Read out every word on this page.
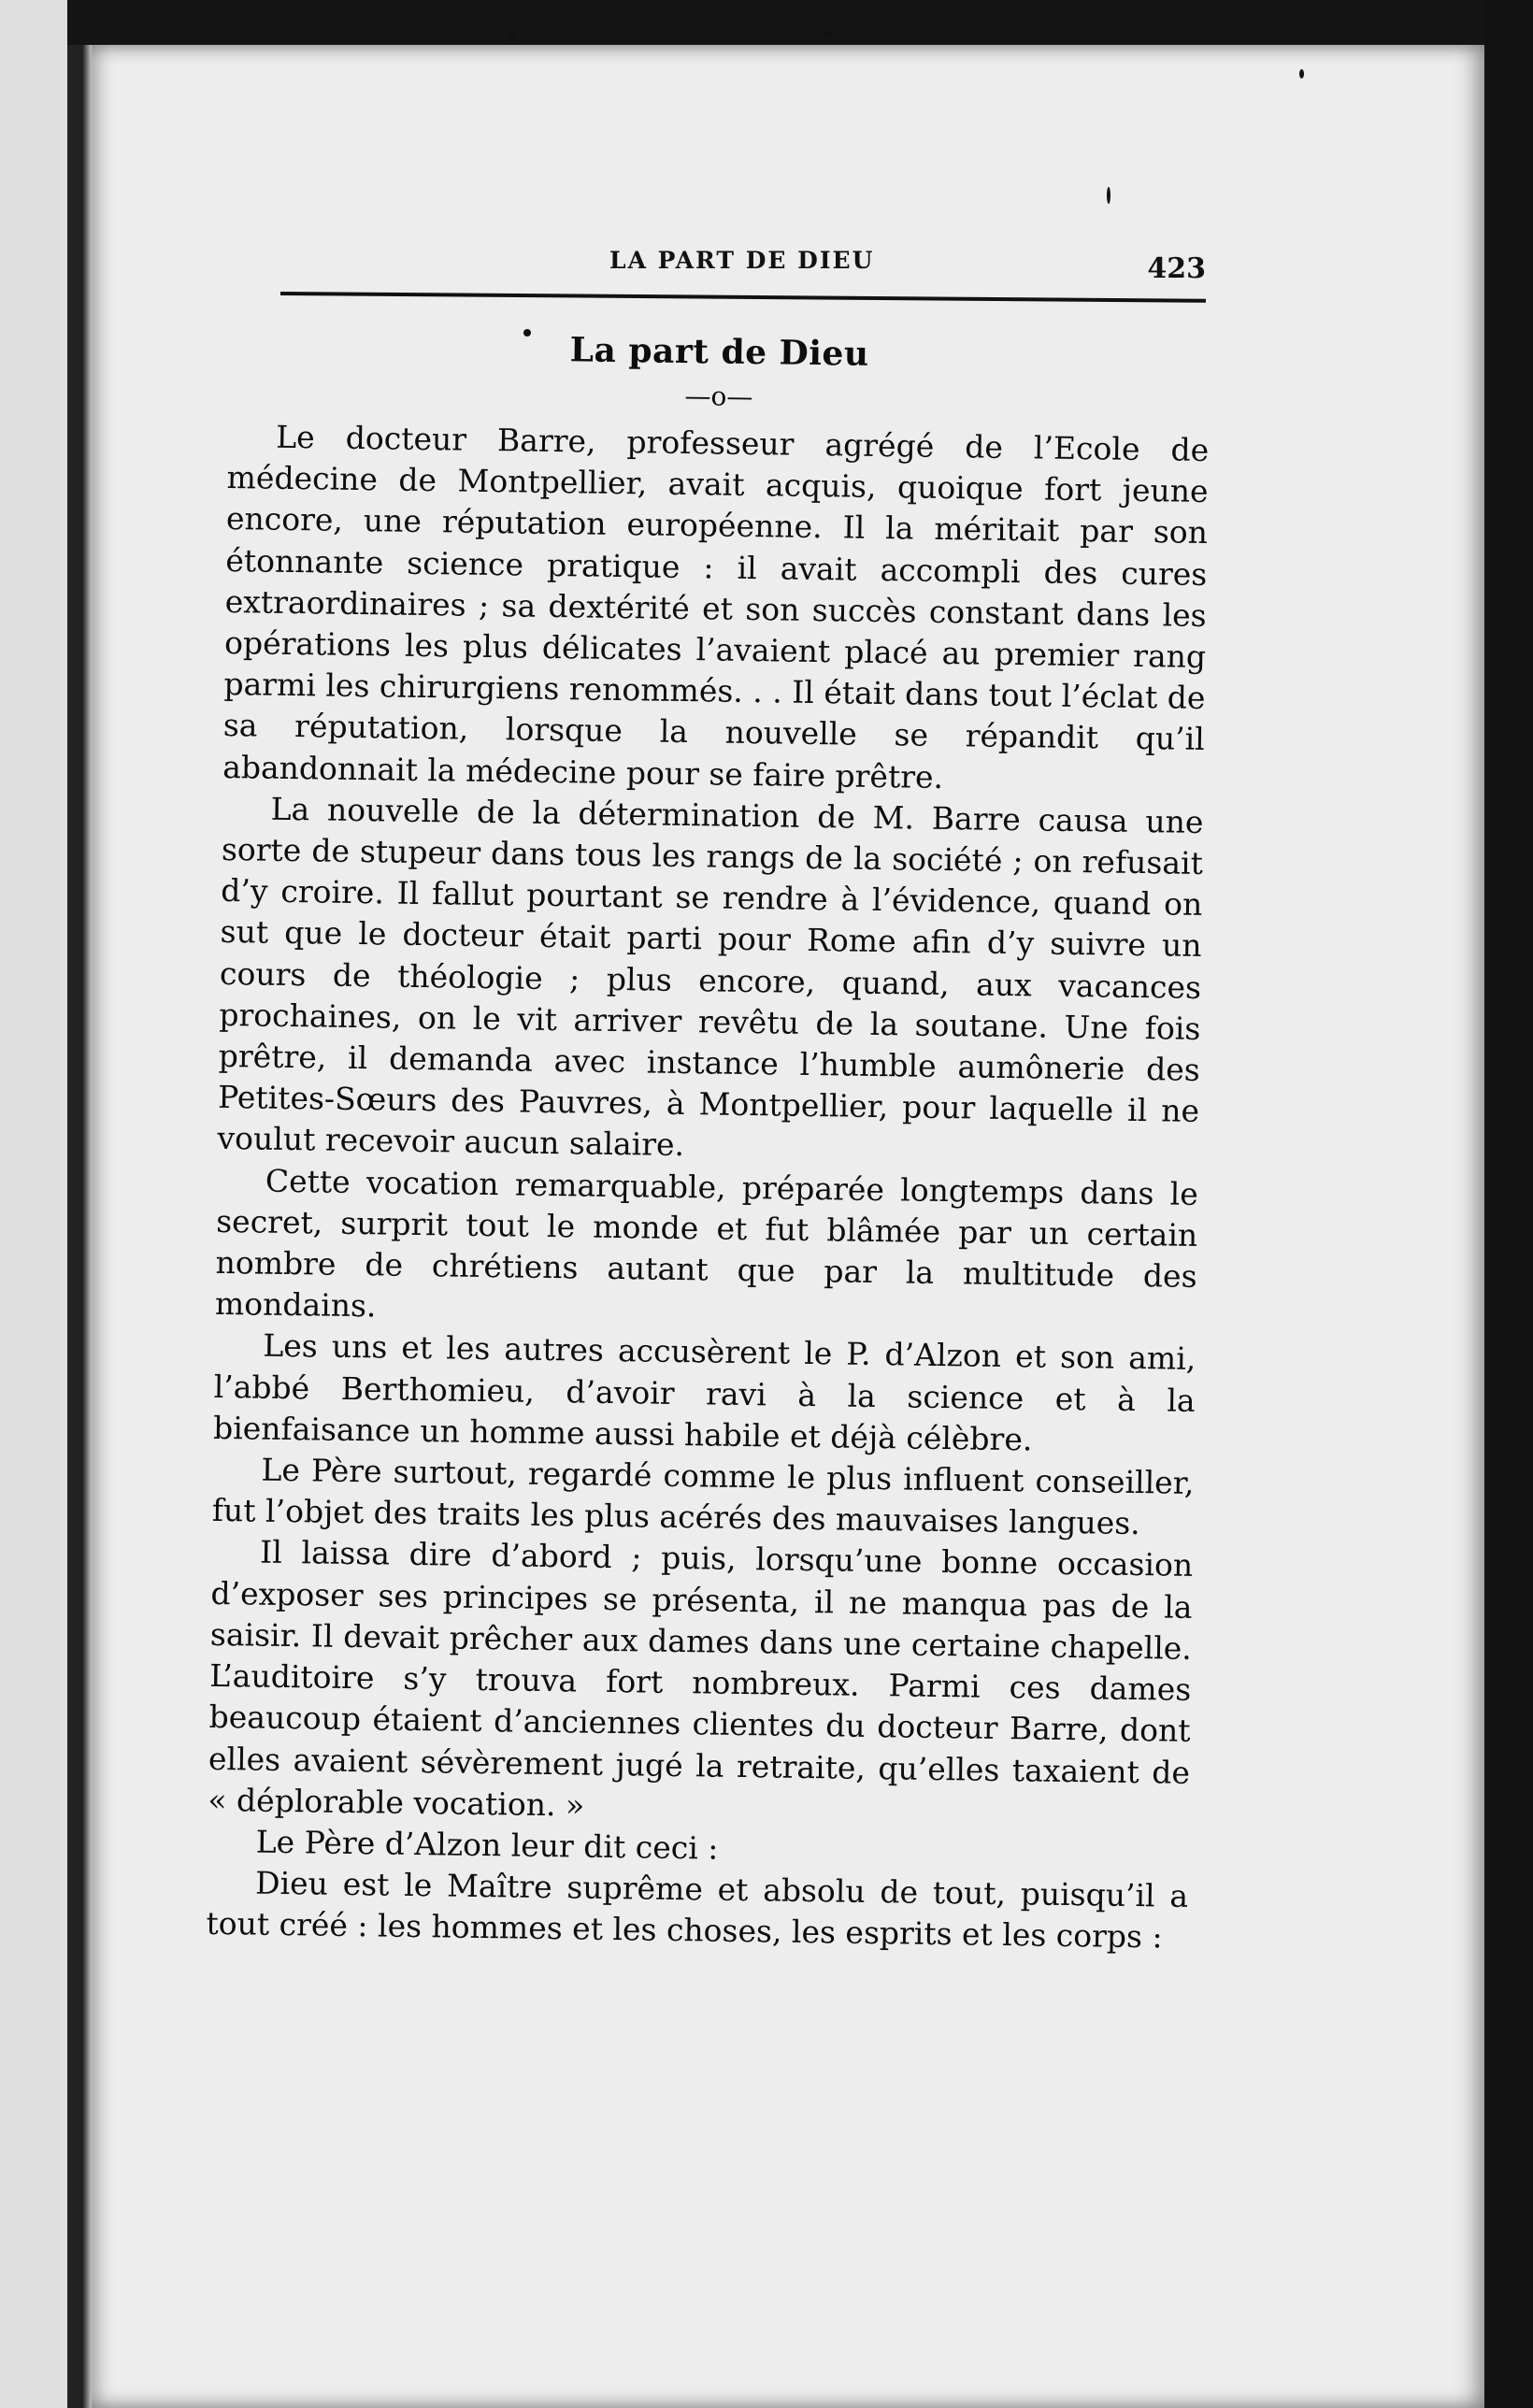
LA PART DE DIEU	423
La part de Dieu
—o—

Le docteur Barre, professeur agrégé de l’Ecole de médecine de Montpellier, avait acquis, quoique fort jeune encore, une réputation européenne. Il la méritait par son étonnante science pratique : il avait accompli des cures extraordinaires ; sa dextérité et son succès constant dans les opérations les plus délicates l’avaient placé au premier rang parmi les chirurgiens renommés. . . Il était dans tout l’éclat de sa réputation, lorsque la nouvelle se répandit qu’il abandonnait la médecine pour se faire prêtre.

La nouvelle de la détermination de M. Barre causa une sorte de stupeur dans tous les rangs de la société ; on refusait d’y croire. Il fallut pourtant se rendre à l’évidence, quand on sut que le docteur était parti pour Rome afin d’y suivre un cours de théologie ; plus encore, quand, aux vacances prochaines, on le vit arriver revêtu de la soutane. Une fois prêtre, il demanda avec instance l’humble aumônerie des Petites-Sœurs des Pauvres, à Montpellier, pour laquelle il ne voulut recevoir aucun salaire.

Cette vocation remarquable, préparée longtemps dans le secret, surprit tout le monde et fut blâmée par un certain nombre de chrétiens autant que par la multitude des mondains.

Les uns et les autres accusèrent le P. d’Alzon et son ami, l’abbé Berthomieu, d’avoir ravi à la science et à la bienfaisance un homme aussi habile et déjà célèbre.

Le Père surtout, regardé comme le plus influent conseiller, fut l’objet des traits les plus acérés des mauvaises langues.

Il laissa dire d’abord ; puis, lorsqu’une bonne occasion d’exposer ses principes se présenta, il ne manqua pas de la saisir. Il devait prêcher aux dames dans une certaine chapelle. L’auditoire s’y trouva fort nombreux. Parmi ces dames beaucoup étaient d’anciennes clientes du docteur Barre, dont elles avaient sévèrement jugé la retraite, qu’elles taxaient de « déplorable vocation. »

Le Père d’Alzon leur dit ceci :

Dieu est le Maître suprême et absolu de tout, puisqu’il a tout créé : les hommes et les choses, les esprits et les corps :
